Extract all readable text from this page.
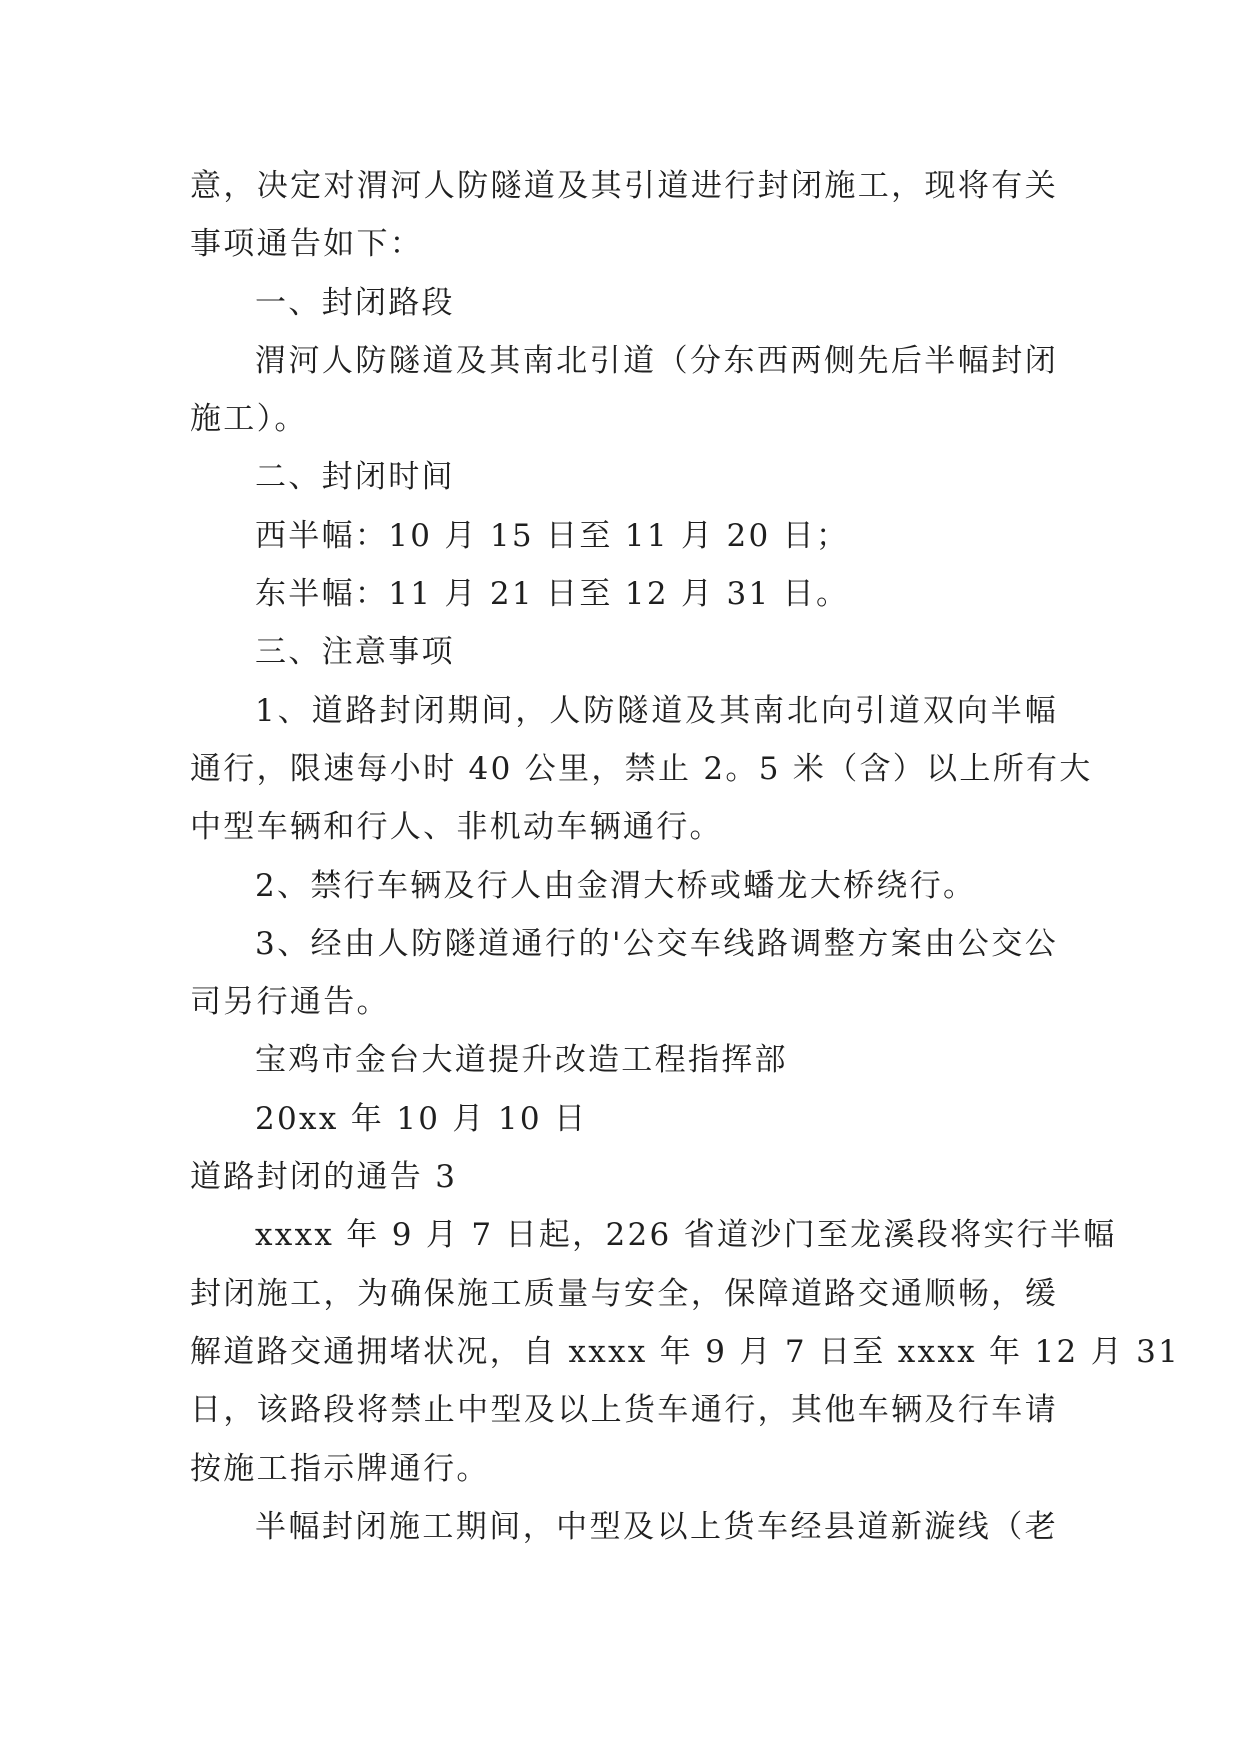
意，决定对渭河人防隧道及其引道进行封闭施工，现将有关
事项通告如下：
一、封闭路段
渭河人防隧道及其南北引道（分东西两侧先后半幅封闭
施工）。
二、封闭时间
西半幅：10 月 15 日至 11 月 20 日；
东半幅：11 月 21 日至 12 月 31 日。
三、注意事项
1、道路封闭期间，人防隧道及其南北向引道双向半幅
通行，限速每小时 40 公里，禁止 2。5 米（含）以上所有大
中型车辆和行人、非机动车辆通行。
2、禁行车辆及行人由金渭大桥或蟠龙大桥绕行。
3、经由人防隧道通行的'公交车线路调整方案由公交公
司另行通告。
宝鸡市金台大道提升改造工程指挥部
20xx 年 10 月 10 日
道路封闭的通告 3
xxxx 年 9 月 7 日起，226 省道沙门至龙溪段将实行半幅
封闭施工，为确保施工质量与安全，保障道路交通顺畅，缓
解道路交通拥堵状况，自 xxxx 年 9 月 7 日至 xxxx 年 12 月 31
日，该路段将禁止中型及以上货车通行，其他车辆及行车请
按施工指示牌通行。
半幅封闭施工期间，中型及以上货车经县道新漩线（老
